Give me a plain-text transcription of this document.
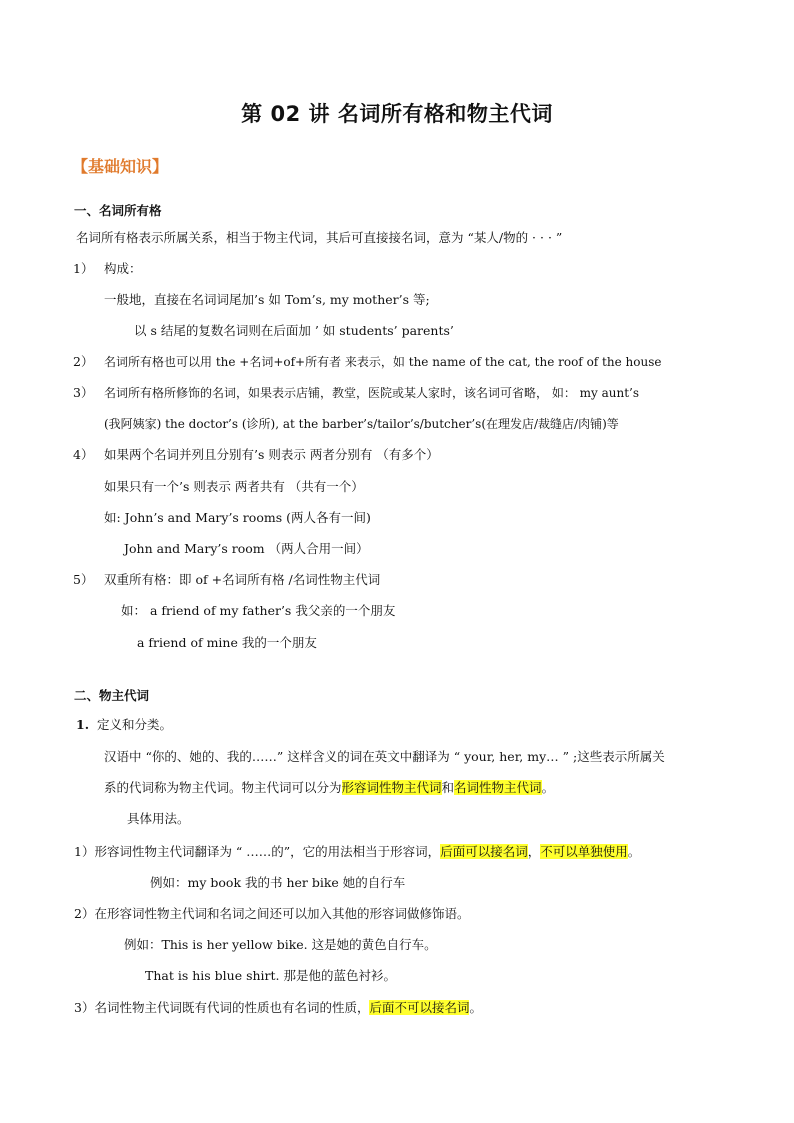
第 02 讲 名词所有格和物主代词
【基础知识】
一、名词所有格
名词所有格表示所属关系，相当于物主代词，其后可直接接名词，意为 “某人/物的 · · · ”
1） 构成：
一般地，直接在名词词尾加’s 如 Tom’s, my mother’s 等;
以 s 结尾的复数名词则在后面加 ’ 如 students’ parents’
2） 名词所有格也可以用 the +名词+of+所有者 来表示，如 the name of the cat, the roof of the house
3） 名词所有格所修饰的名词，如果表示店铺，教堂，医院或某人家时，该名词可省略， 如： my aunt’s
(我阿姨家) the doctor’s (诊所), at the barber’s/tailor’s/butcher’s(在理发店/裁缝店/肉铺)等
4） 如果两个名词并列且分别有’s 则表示 两者分别有 （有多个）
如果只有一个’s 则表示 两者共有 （共有一个）
如: John’s and Mary’s rooms (两人各有一间)
John and Mary’s room （两人合用一间）
5） 双重所有格：即 of +名词所有格 /名词性物主代词
如： a friend of my father’s 我父亲的一个朋友
a friend of mine 我的一个朋友
二、物主代词
1. 定义和分类。
汉语中 “你的、她的、我的……” 这样含义的词在英文中翻译为 “ your, her, my… ” ;这些表示所属关
系的代词称为物主代词。物主代词可以分为形容词性物主代词和名词性物主代词。
具体用法。
1）形容词性物主代词翻译为 “ ……的”，它的用法相当于形容词，后面可以接名词，不可以单独使用。
例如：my book 我的书 her bike 她的自行车
2）在形容词性物主代词和名词之间还可以加入其他的形容词做修饰语。
例如：This is her yellow bike. 这是她的黄色自行车。
That is his blue shirt. 那是他的蓝色衬衫。
3）名词性物主代词既有代词的性质也有名词的性质，后面不可以接名词。
